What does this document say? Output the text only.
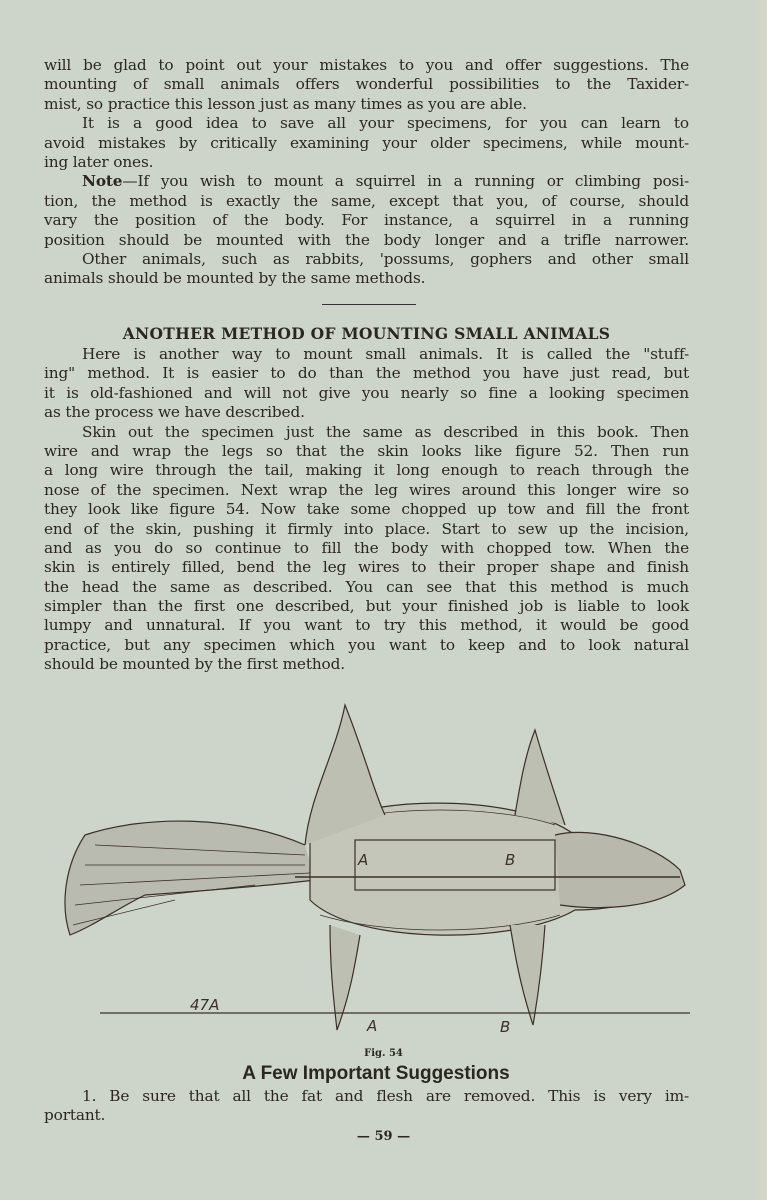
will be glad to point out your mistakes to you and offer suggestions. The
mounting of small animals offers wonderful possibilities to the Taxider-
mist, so practice this lesson just as many times as you are able.
It is a good idea to save all your specimens, for you can learn to
avoid mistakes by critically examining your older specimens, while mount-
ing later ones.
Note—If you wish to mount a squirrel in a running or climbing posi-
tion, the method is exactly the same, except that you, of course, should
vary the position of the body. For instance, a squirrel in a running
position should be mounted with the body longer and a trifle narrower.
Other animals, such as rabbits, 'possums, gophers and other small
animals should be mounted by the same methods.
ANOTHER METHOD OF MOUNTING SMALL ANIMALS
Here is another way to mount small animals. It is called the "stuff-
ing" method. It is easier to do than the method you have just read, but
it is old-fashioned and will not give you nearly so fine a looking specimen
as the process we have described.
Skin out the specimen just the same as described in this book. Then
wire and wrap the legs so that the skin looks like figure 52. Then run
a long wire through the tail, making it long enough to reach through the
nose of the specimen. Next wrap the leg wires around this longer wire so
they look like figure 54. Now take some chopped up tow and fill the front
end of the skin, pushing it firmly into place. Start to sew up the incision,
and as you do so continue to fill the body with chopped tow. When the
skin is entirely filled, bend the leg wires to their proper shape and finish
the head the same as described. You can see that this method is much
simpler than the first one described, but your finished job is liable to look
lumpy and unnatural. If you want to try this method, it would be good
practice, but any specimen which you want to keep and to look natural
should be mounted by the first method.
A	B
47A
A	B
Fig. 54
A Few Important Suggestions
1. Be sure that all the fat and flesh are removed. This is very im-
portant.
— 59 —
